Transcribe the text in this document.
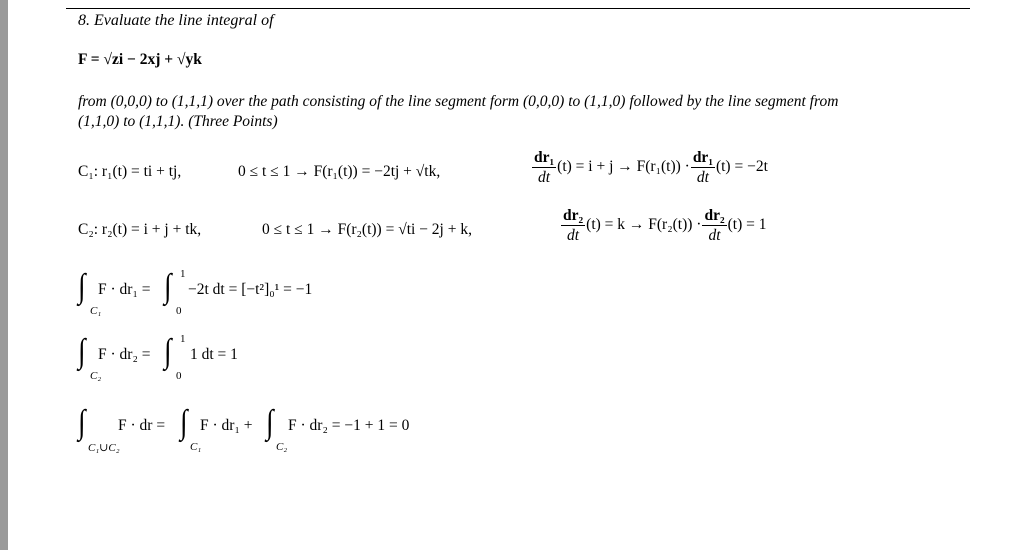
8. Evaluate the line integral of
F = √zi − 2xj + √yk
from (0,0,0) to (1,1,1) over the path consisting of the line segment form (0,0,0) to (1,1,0) followed by the line segment from
(1,1,0) to (1,1,1). (Three Points)
C₁: r₁(t) = ti + tj,	0 ≤ t ≤ 1 → F(r₁(t)) = −2tj + √tk,	$\frac{\text{dr₁}}{dt} (t) = i + j \to F(r_1(t)) \cdot \frac{\text{dr₁}}{dt} (t) = -2t$
C₂: r₂(t) = i + j + tk,	0 ≤ t ≤ 1 → F(r₂(t)) = √ti − 2j + k,	$\frac{\text{dr₂}}{dt} (t) = k \to F(r_2(t)) \cdot \frac{\text{dr₂}}{dt} (t) = 1$
∫
C₁
F · dr₁ = ∫ 1
0
−2t dt = [−t²]₀¹ = −1
∫
C₂
F · dr₂ = ∫ 1
0
1 dt = 1
∫
C₁∪C₂
F · dr = ∫
C₁
F · dr₁ + ∫
C₂
F · dr₂ = −1 + 1 = 0
